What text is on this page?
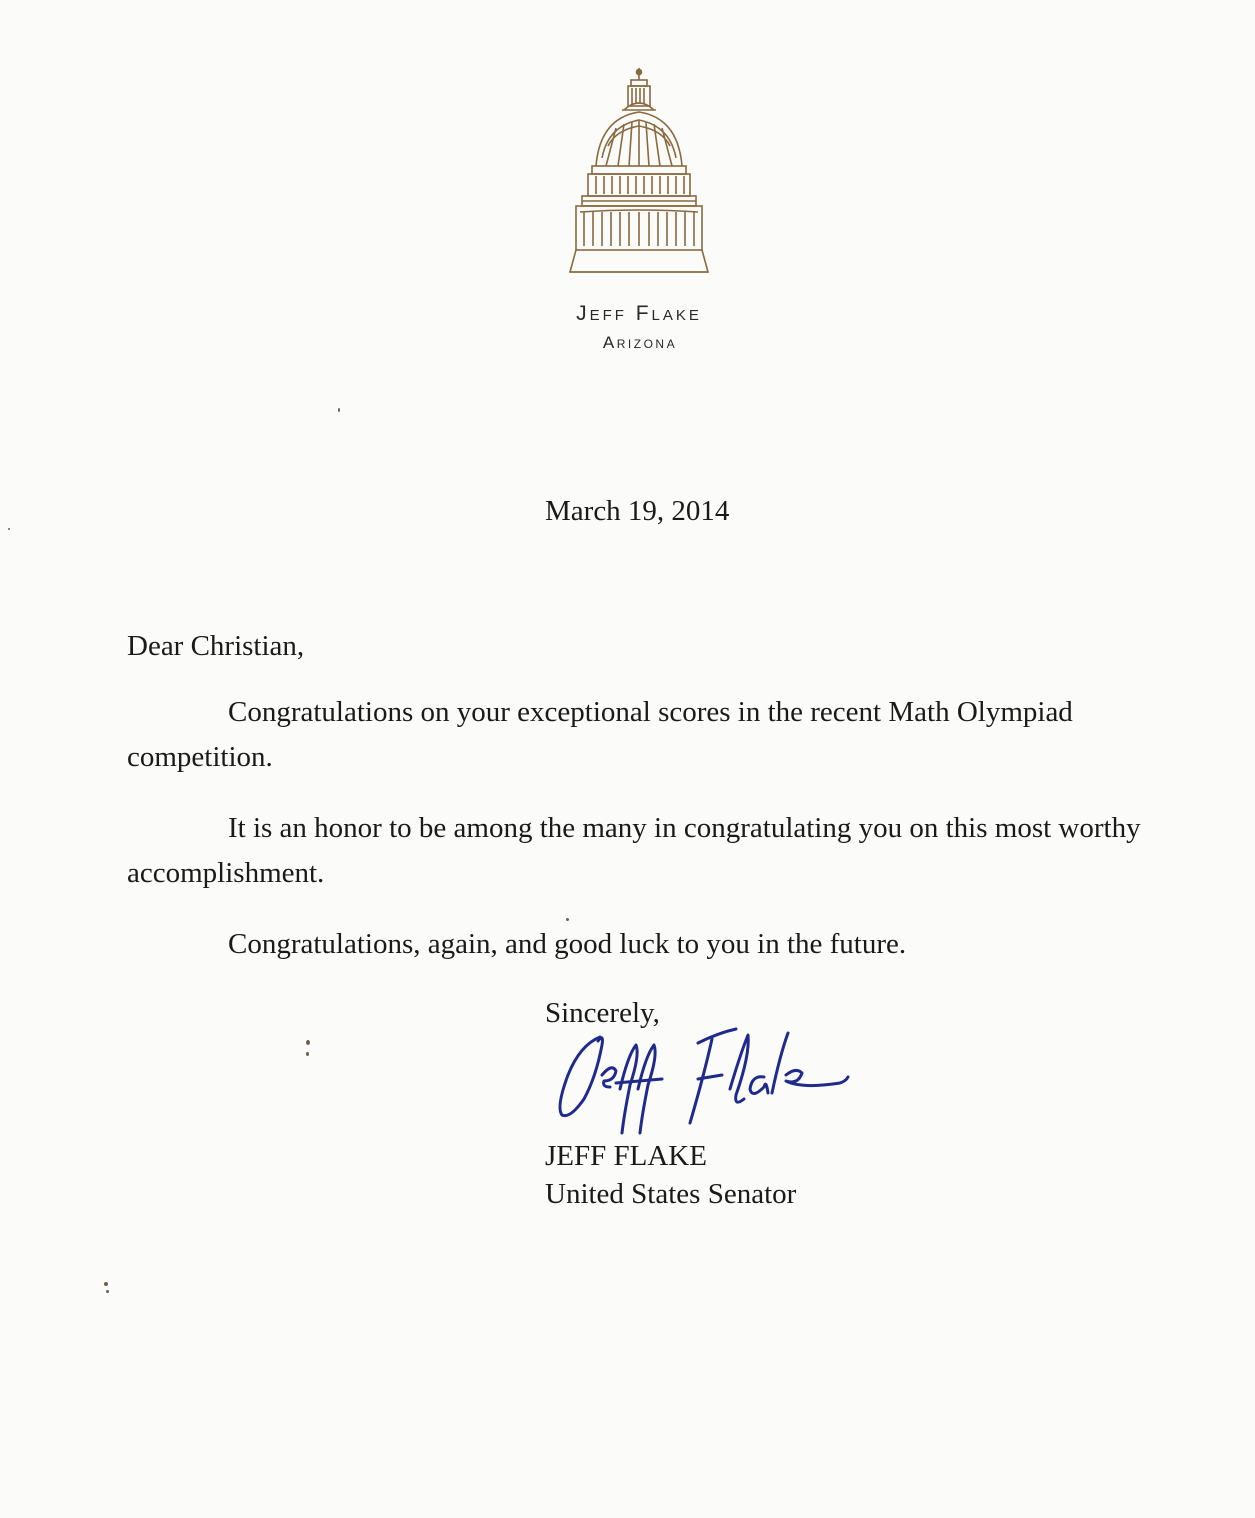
Jeff Flake
Arizona
March 19, 2014
Dear Christian,
Congratulations on your exceptional scores in the recent Math Olympiad competition.
It is an honor to be among the many in congratulating you on this most worthy accomplishment.
Congratulations, again, and good luck to you in the future.
Sincerely,
JEFF FLAKE
United States Senator
